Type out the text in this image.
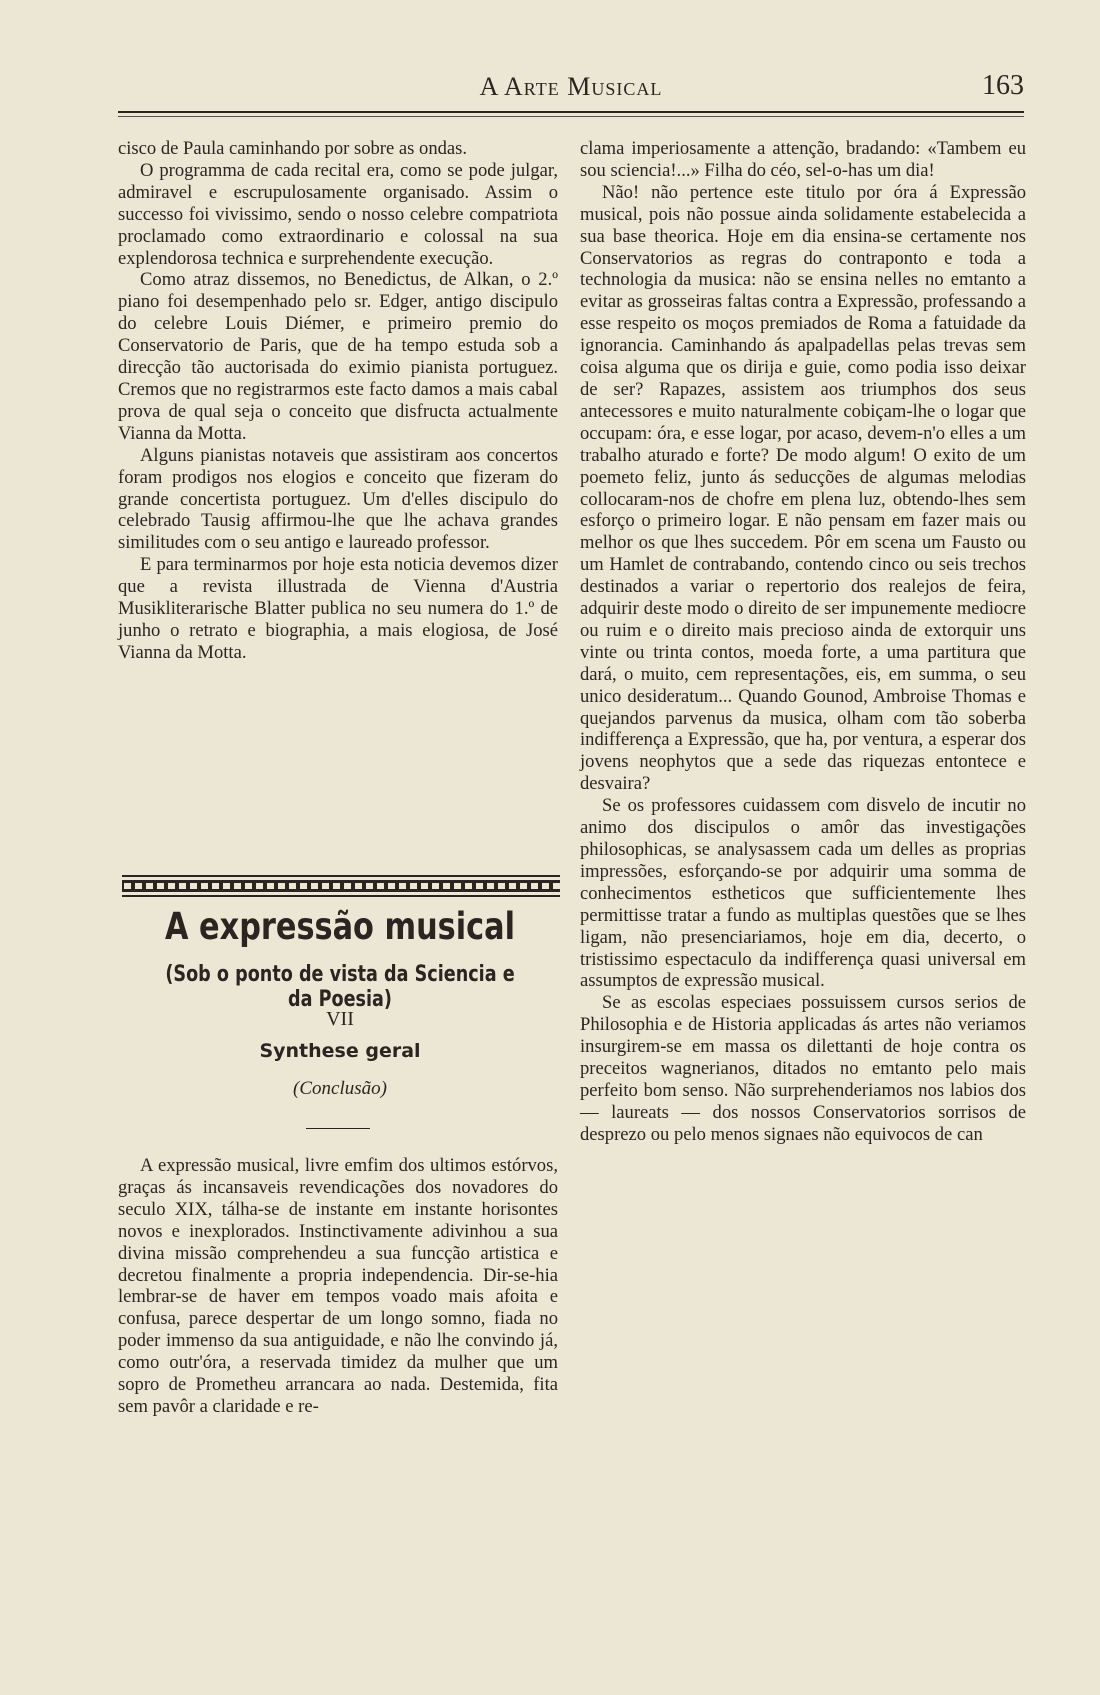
A Arte Musical	163

cisco de Paula caminhando por sobre as ondas.

O programma de cada recital era, como se pode julgar, admiravel e escrupulosamente organisado. Assim o successo foi vivissimo, sendo o nosso celebre compatriota proclamado como extraordinario e colossal na sua explendorosa technica e surprehendente execução.

Como atraz dissemos, no Benedictus, de Alkan, o 2.º piano foi desempenhado pelo sr. Edger, antigo discipulo do celebre Louis Diémer, e primeiro premio do Conservatorio de Paris, que de ha tempo estuda sob a direcção tão auctorisada do eximio pianista portuguez. Cremos que no registrarmos este facto damos a mais cabal prova de qual seja o conceito que disfructa actualmente Vianna da Motta.

Alguns pianistas notaveis que assistiram aos concertos foram prodigos nos elogios e conceito que fizeram do grande concertista portuguez. Um d'elles discipulo do celebrado Tausig affirmou-lhe que lhe achava grandes similitudes com o seu antigo e laureado professor.

E para terminarmos por hoje esta noticia devemos dizer que a revista illustrada de Vienna d'Austria Musikliterarische Blatter publica no seu numera do 1.º de junho o retrato e biographia, a mais elogiosa, de José Vianna da Motta.

A expressão musical
(Sob o ponto de vista da Sciencia e da Poesia)
VII
Synthese geral
(Conclusão)

A expressão musical, livre emfim dos ultimos estórvos, graças ás incansaveis revendicações dos novadores do seculo XIX, tálha-se de instante em instante horisontes novos e inexplorados. Instinctivamente adivinhou a sua divina missão comprehendeu a sua funcção artistica e decretou finalmente a propria independencia. Dir-se-hia lembrar-se de haver em tempos voado mais afoita e confusa, parece despertar de um longo somno, fiada no poder immenso da sua antiguidade, e não lhe convindo já, como outr'óra, a reservada timidez da mulher que um sopro de Prometheu arrancara ao nada. Destemida, fita sem pavôr a claridade e re-

clama imperiosamente a attenção, bradando: «Tambem eu sou sciencia!...» Filha do céo, sel-o-has um dia!

Não! não pertence este titulo por óra á Expressão musical, pois não possue ainda solidamente estabelecida a sua base theorica. Hoje em dia ensina-se certamente nos Conservatorios as regras do contraponto e toda a technologia da musica: não se ensina nelles no emtanto a evitar as grosseiras faltas contra a Expressão, professando a esse respeito os moços premiados de Roma a fatuidade da ignorancia. Caminhando ás apalpadellas pelas trevas sem coisa alguma que os dirija e guie, como podia isso deixar de ser? Rapazes, assistem aos triumphos dos seus antecessores e muito naturalmente cobiçam-lhe o logar que occupam: óra, e esse logar, por acaso, devem-n'o elles a um trabalho aturado e forte? De modo algum! O exito de um poemeto feliz, junto ás seducções de algumas melodias collocaram-nos de chofre em plena luz, obtendo-lhes sem esforço o primeiro logar. E não pensam em fazer mais ou melhor os que lhes succedem. Pôr em scena um Fausto ou um Hamlet de contrabando, contendo cinco ou seis trechos destinados a variar o repertorio dos realejos de feira, adquirir deste modo o direito de ser impunemente mediocre ou ruim e o direito mais precioso ainda de extorquir uns vinte ou trinta contos, moeda forte, a uma partitura que dará, o muito, cem representações, eis, em summa, o seu unico desideratum... Quando Gounod, Ambroise Thomas e quejandos parvenus da musica, olham com tão soberba indifferença a Expressão, que ha, por ventura, a esperar dos jovens neophytos que a sede das riquezas entontece e desvaira?

Se os professores cuidassem com disvelo de incutir no animo dos discipulos o amôr das investigações philosophicas, se analysassem cada um delles as proprias impressões, esforçando-se por adquirir uma somma de conhecimentos estheticos que sufficientemente lhes permittisse tratar a fundo as multiplas questões que se lhes ligam, não presenciariamos, hoje em dia, decerto, o tristissimo espectaculo da indifferença quasi universal em assumptos de expressão musical.

Se as escolas especiaes possuissem cursos serios de Philosophia e de Historia applicadas ás artes não veriamos insurgirem-se em massa os dilettanti de hoje contra os preceitos wagnerianos, ditados no emtanto pelo mais perfeito bom senso. Não surprehenderiamos nos labios dos — laureats — dos nossos Conservatorios sorrisos de desprezo ou pelo menos signaes não equivocos de can
